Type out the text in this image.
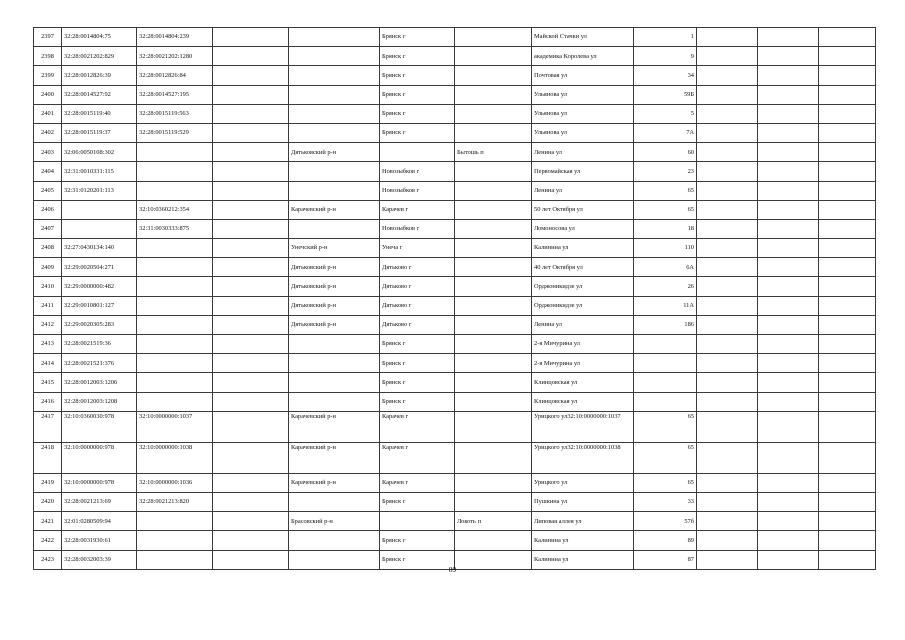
2397	32:28:0014804:75	32:28:0014804:239			Брянск г		Майской Стачки ул	1			
2398	32:28:0021202:829	32:28:0021202:1280			Брянск г		академика Королева ул	9			
2399	32:28:0012826:39	32:28:0012826:84			Брянск г		Почтовая ул	34			
2400	32:28:0014527:92	32:28:0014527:195			Брянск г		Ульянова ул	59Б			
2401	32:28:0015119:40	32:28:0015119:563			Брянск г		Ульянова ул	5			
2402	32:28:0015119:37	32:28:0015119:529			Брянск г		Ульянова ул	7А			
2403	32:06:0050108:302			Дятьковский р-н		Бытошь п	Ленина ул	60			
2404	32:31:0010331:115				Новозыбков г		Первомайская ул	23			
2405	32:31:0120201:113				Новозыбков г		Ленина ул	65			
2406		32:10:0360212:354		Карачевский р-н	Карачев г		50 лет Октября ул	65			
2407		32:31:0030333:875			Новозыбков г		Ломоносова ул	18			
2408	32:27:0430134:140			Унечский р-н	Унеча г		Калинина ул	110			
2409	32:29:0020504:271			Дятьковский р-н	Дятьково г		40 лет Октября ул	6А			
2410	32:29:0000000:482			Дятьковский р-н	Дятьково г		Орджоникидзе ул	26			
2411	32:29:0010801:127			Дятьковский р-н	Дятьково г		Орджоникидзе ул	11А			
2412	32:29:0020305:283			Дятьковский р-н	Дятьково г		Ленина ул	186			
2413	32:28:0021519:36				Брянск г		2-я Мичурина ул				
2414	32:28:0021521:376				Брянск г		2-я Мичурина ул				
2415	32:28:0012003:1206				Брянск г		Клинцовская ул				
2416	32:28:0012003:1208				Брянск г		Клинцовская ул				
2417	32:10:0360030:978	32:10:0000000:1037		Карачевский р-н	Карачев г		Урицкого ул32:10:0000000:1037	65			
2418	32:10:0000000:978	32:10:0000000:1038		Карачевский р-н	Карачев г		Урицкого ул32:10:0000000:1038	65			
2419	32:10:0000000:978	32:10:0000000:1036		Карачевский р-н	Карачев г		Урицкого ул	65			
2420	32:28:0021213:69	32:28:0021213:820			Брянск г		Пушкина ул	33			
2421	32:01:0280509:94			Брасовский р-н		Локоть п	Липовая аллея ул	57б			
2422	32:28:0031930:61				Брянск г		Калинина ул	89			
2423	32:28:0032003:39				Брянск г		Калинина ул	87			
89
